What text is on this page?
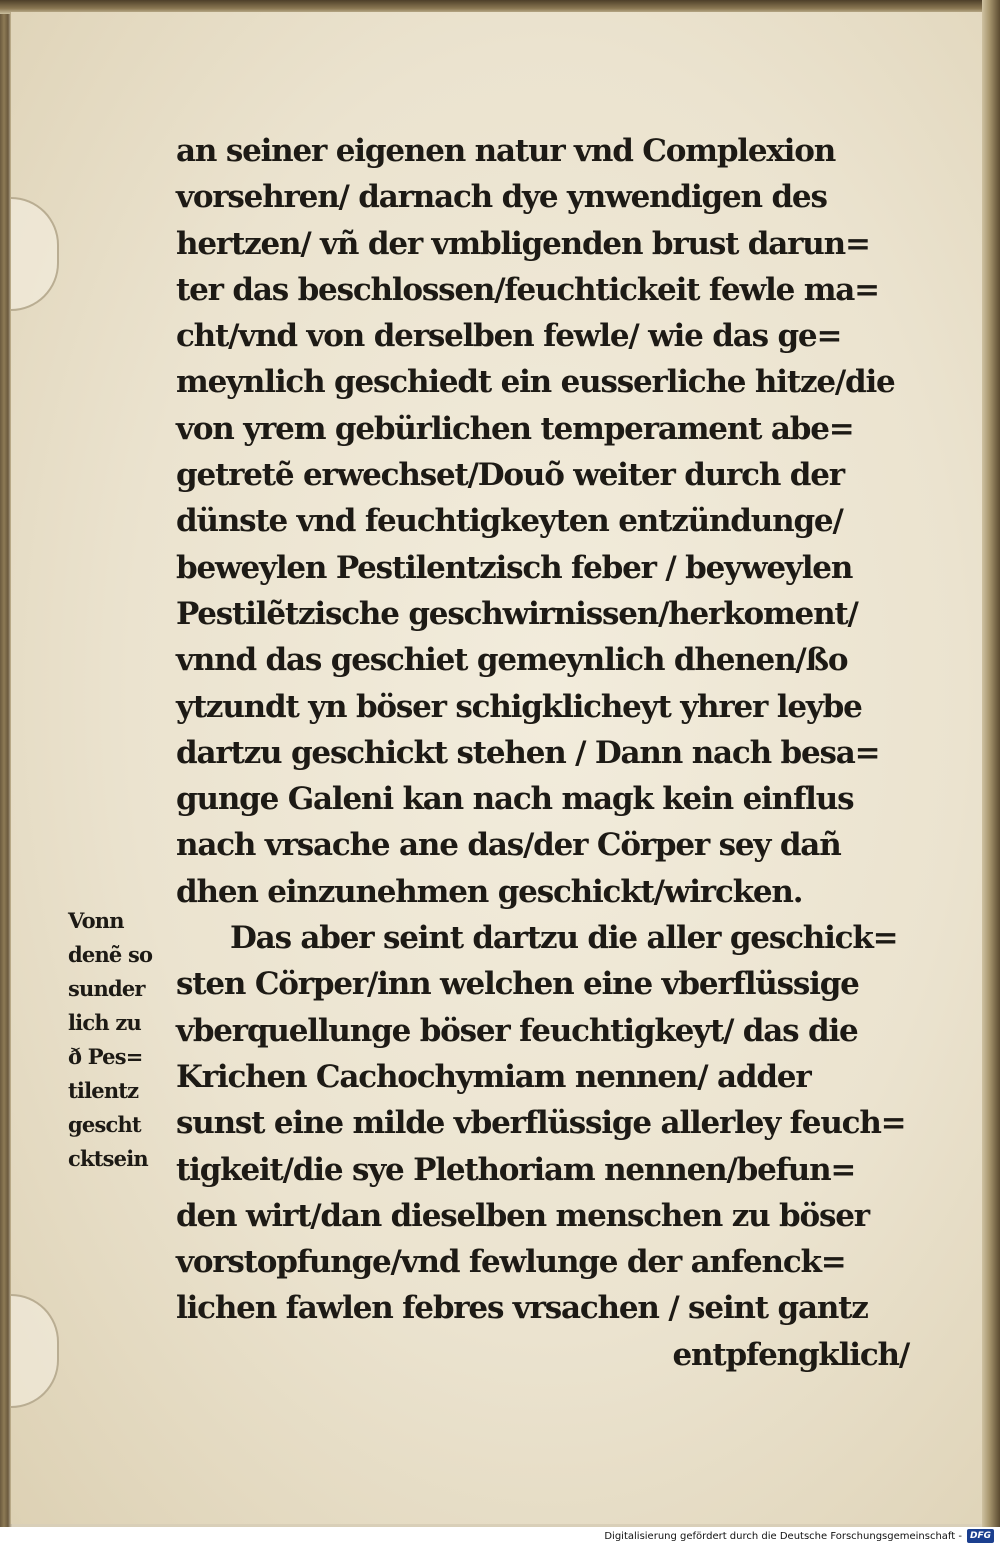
an seiner eigenen natur vnd Complexion
vorsehren/ darnach dye ynwendigen des
hertzen/ vñ der vmbligenden brust darun=
ter das beschlossen/feuchtickeit fewle ma=
cht/vnd von derselben fewle/ wie das ge=
meynlich geschiedt ein eusserliche hitze/die
von yrem gebürlichen temperament abe=
getretẽ erwechset/Douõ weiter durch der
dünste vnd feuchtigkeyten entzündunge/
beweylen Pestilentzisch feber / beyweylen
Pestilẽtzische geschwirnissen/herkoment/
vnnd das geschiet gemeynlich dhenen/ßo
ytzundt yn böser schigklicheyt yhrer leybe
dartzu geschickt stehen / Dann nach besa=
gunge Galeni kan nach magk kein einflus
nach vrsache ane das/der Cörper sey dañ
dhen einzunehmen geschickt/wircken.
Das aber seint dartzu die aller geschick=
sten Cörper/inn welchen eine vberflüssige
vberquellunge böser feuchtigkeyt/ das die
Krichen Cachochymiam nennen/ adder
sunst eine milde vberflüssige allerley feuch=
tigkeit/die sye Plethoriam nennen/befun=
den wirt/dan dieselben menschen zu böser
vorstopfunge/vnd fewlunge der anfenck=
lichen fawlen febres vrsachen / seint gantz
entpfengklich/
Vonn
denẽ so
sunder
lich zu
ð Pes=
tilentz
gescht
cktsein
Digitalisierung gefördert durch die Deutsche Forschungsgemeinschaft - DFG
